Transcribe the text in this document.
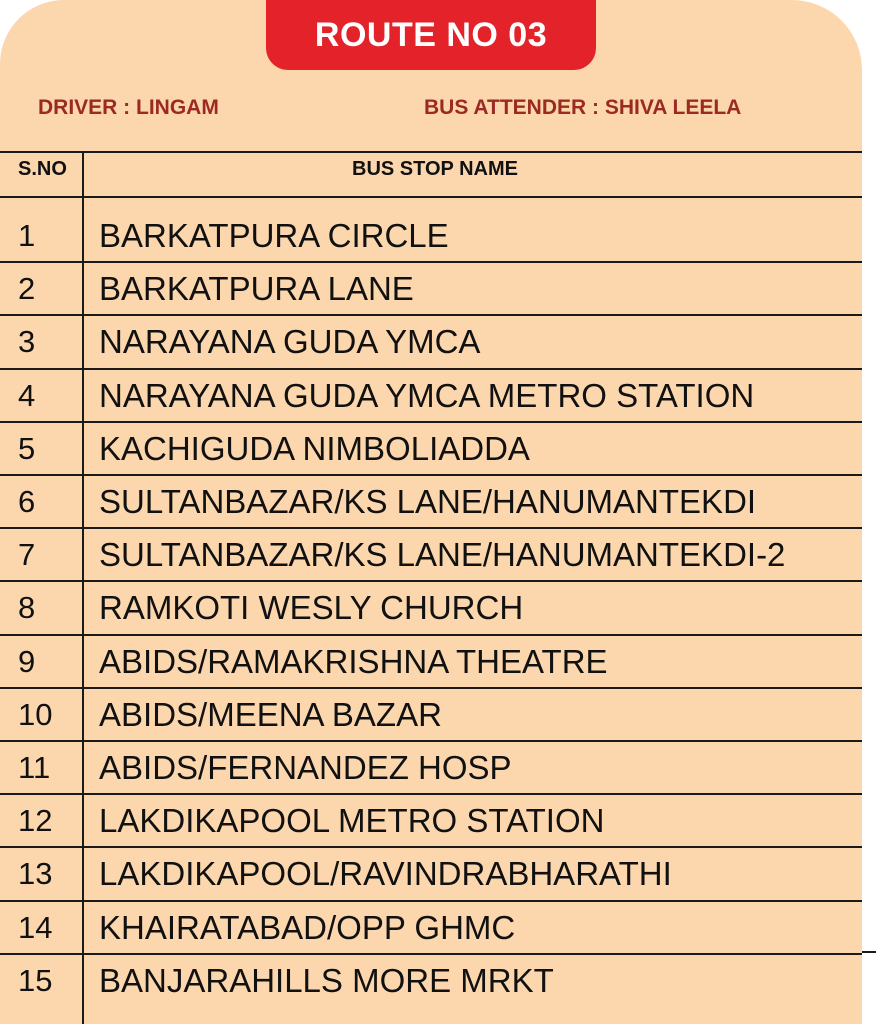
ROUTE NO 03
DRIVER : LINGAM	BUS ATTENDER : SHIVA LEELA
S.NO	BUS STOP NAME
1 BARKATPURA CIRCLE
2 BARKATPURA LANE
3 NARAYANA GUDA YMCA
4 NARAYANA GUDA YMCA METRO STATION
5 KACHIGUDA NIMBOLIADDA
6 SULTANBAZAR/KS LANE/HANUMANTEKDI
7 SULTANBAZAR/KS LANE/HANUMANTEKDI-2
8 RAMKOTI WESLY CHURCH
9 ABIDS/RAMAKRISHNA THEATRE
10 ABIDS/MEENA BAZAR
11 ABIDS/FERNANDEZ HOSP
12 LAKDIKAPOOL METRO STATION
13 LAKDIKAPOOL/RAVINDRABHARATHI
14 KHAIRATABAD/OPP GHMC
15 BANJARAHILLS MORE MRKT
